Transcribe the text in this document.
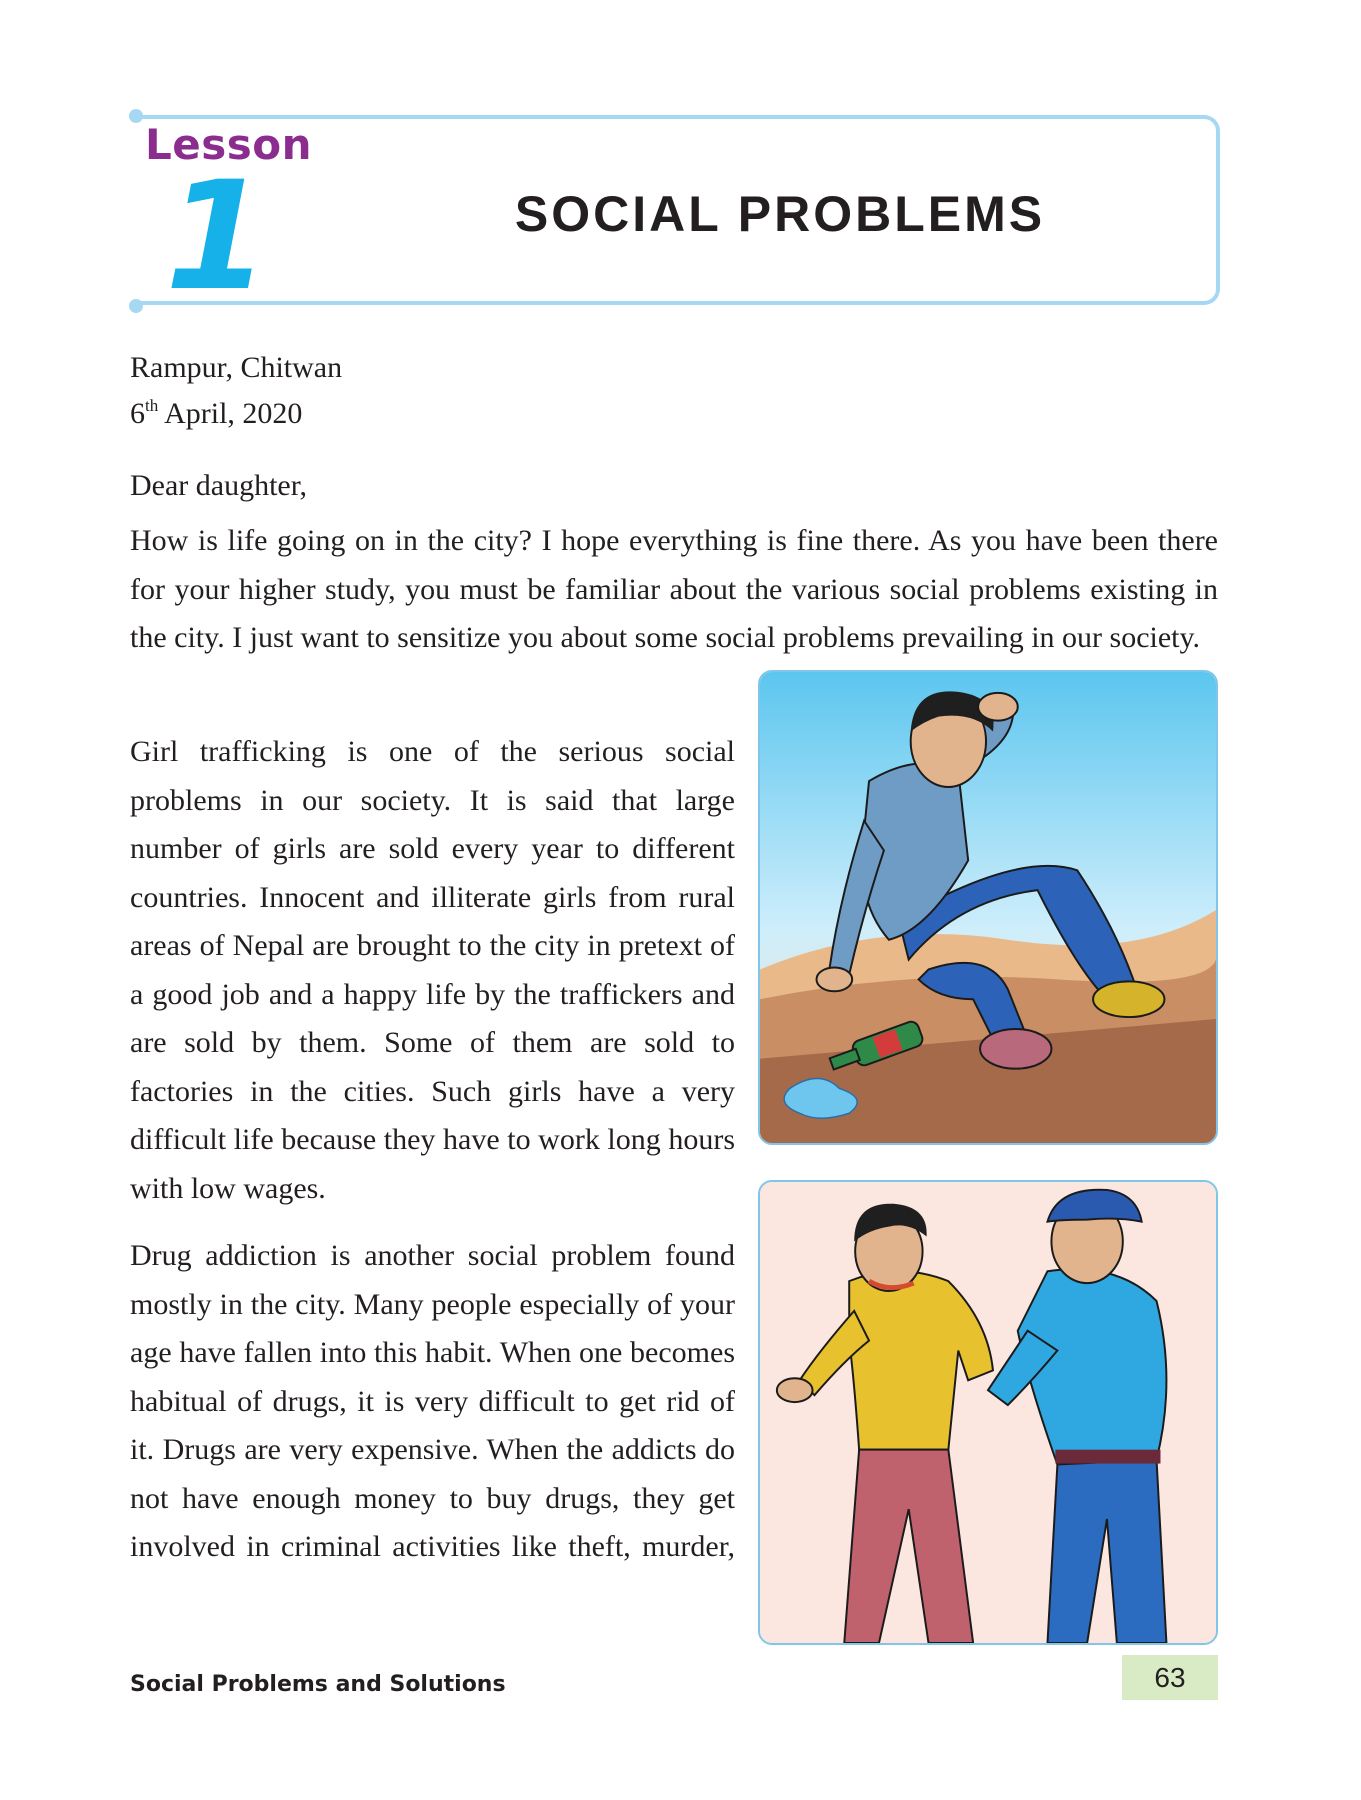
Lesson
1	SOCIAL PROBLEMS
Rampur, Chitwan
6th April, 2020
Dear daughter,

How is life going on in the city? I hope everything is fine there. As you have been there for your higher study, you must be familiar about the various social problems existing in the city. I just want to sensitize you about some social problems prevailing in our society.

Girl trafficking is one of the serious social problems in our society. It is said that large number of girls are sold every year to different countries. Innocent and illiterate girls from rural areas of Nepal are brought to the city in pretext of a good job and a happy life by the traffickers and are sold by them. Some of them are sold to factories in the cities. Such girls have a very difficult life because they have to work long hours with low wages.

Drug addiction is another social problem found mostly in the city. Many people especially of your age have fallen into this habit. When one becomes habitual of drugs, it is very difficult to get rid of it. Drugs are very expensive. When the addicts do not have enough money to buy drugs, they get involved in criminal activities like theft, murder,

Social Problems and Solutions	63
